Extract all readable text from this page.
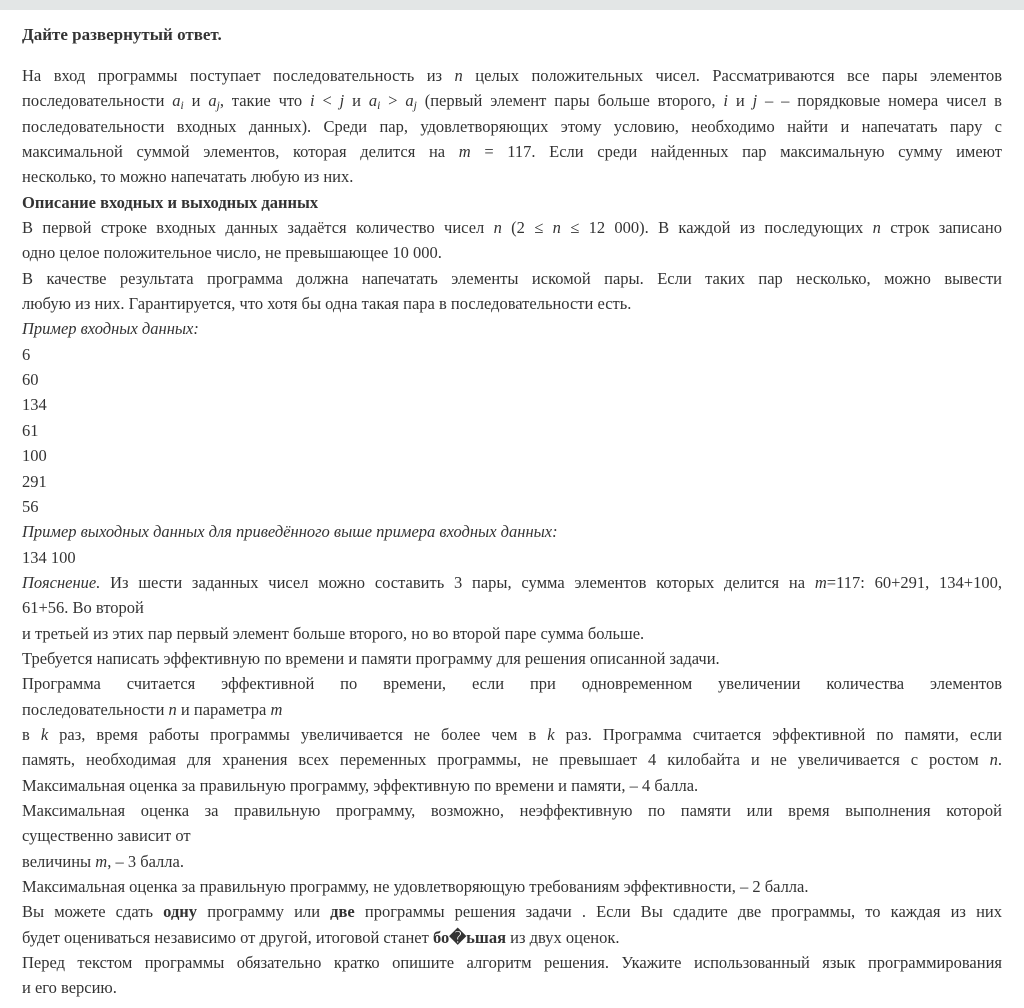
Дайте развернутый ответ.
На вход программы поступает последовательность из n целых положительных чисел. Рассматриваются все пары элементов
последовательности $a_i$ и $a_j$, такие что i < j и $a_i > a_j$ (первый элемент пары больше второго, i и j – – порядковые номера чисел в
последовательности входных данных). Среди пар, удовлетворяющих этому условию, необходимо найти и напечатать пару с
максимальной суммой элементов, которая делится на m = 117. Если среди найденных пар максимальную сумму имеют
несколько, то можно напечатать любую из них.
Описание входных и выходных данных
В первой строке входных данных задаётся количество чисел n (2 ≤ n ≤ 12 000). В каждой из последующих n строк записано
одно целое положительное число, не превышающее 10 000.
В качестве результата программа должна напечатать элементы искомой пары. Если таких пар несколько, можно вывести
любую из них. Гарантируется, что хотя бы одна такая пара в последовательности есть.
Пример входных данных:
6
60
134
61
100
291
56
Пример выходных данных для приведённого выше примера входных данных:
134 100
Пояснение. Из шести заданных чисел можно составить 3 пары, сумма элементов которых делится на m=117: 60+291, 134+100,
61+56. Во второй
и третьей из этих пар первый элемент больше второго, но во второй паре сумма больше.
Требуется написать эффективную по времени и памяти программу для решения описанной задачи.
Программа считается эффективной по времени, если при одновременном увеличении количества элементов
последовательности n и параметра m
в k раз, время работы программы увеличивается не более чем в k раз. Программа считается эффективной по памяти, если
память, необходимая для хранения всех переменных программы, не превышает 4 килобайта и не увеличивается с ростом n.
Максимальная оценка за правильную программу, эффективную по времени и памяти, – 4 балла.
Максимальная оценка за правильную программу, возможно, неэффективную по памяти или время выполнения которой
существенно зависит от
величины m, – 3 балла.
Максимальная оценка за правильную программу, не удовлетворяющую требованиям эффективности, – 2 балла.
Вы можете сдать одну программу или две программы решения задачи . Если Вы сдадите две программы, то каждая из них
будет оцениваться независимо от другой, итоговой станет бо�ьшая из двух оценок.
Перед текстом программы обязательно кратко опишите алгоритм решения. Укажите использованный язык программирования
и его версию.
